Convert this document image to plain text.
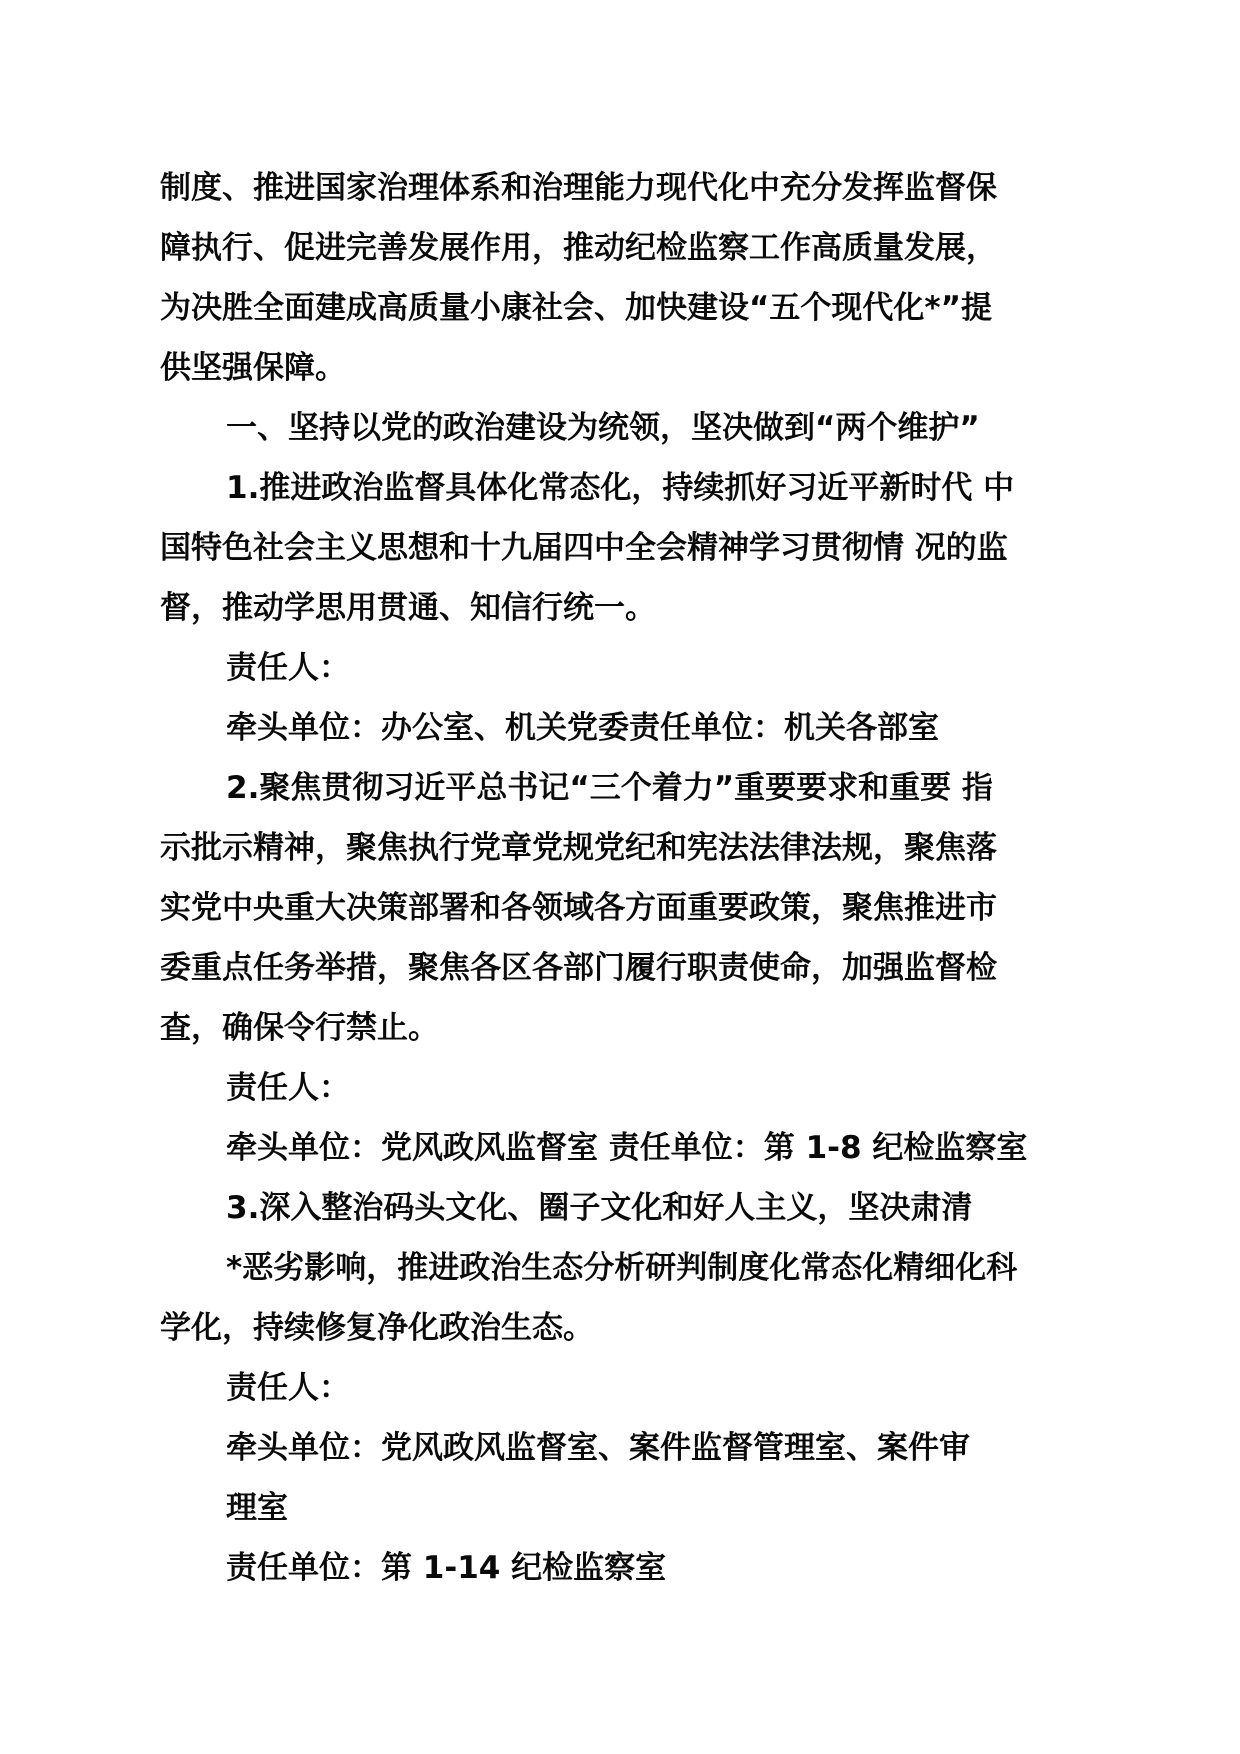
制度、推进国家治理体系和治理能力现代化中充分发挥监督保
障执行、促进完善发展作用，推动纪检监察工作高质量发展，
为决胜全面建成高质量小康社会、加快建设“五个现代化*”提
供坚强保障。
一、坚持以党的政治建设为统领，坚决做到“两个维护”
1.推进政治监督具体化常态化，持续抓好习近平新时代 中
国特色社会主义思想和十九届四中全会精神学习贯彻情 况的监
督，推动学思用贯通、知信行统一。
责任人：
牵头单位：办公室、机关党委责任单位：机关各部室
2.聚焦贯彻习近平总书记“三个着力”重要要求和重要 指
示批示精神，聚焦执行党章党规党纪和宪法法律法规，聚焦落
实党中央重大决策部署和各领域各方面重要政策，聚焦推进市
委重点任务举措，聚焦各区各部门履行职责使命，加强监督检
查，确保令行禁止。
责任人：
牵头单位：党风政风监督室 责任单位：第 1-8 纪检监察室
3.深入整治码头文化、圈子文化和好人主义，坚决肃清
*恶劣影响，推进政治生态分析研判制度化常态化精细化科
学化，持续修复净化政治生态。
责任人：
牵头单位：党风政风监督室、案件监督管理室、案件审
理室
责任单位：第 1-14 纪检监察室
